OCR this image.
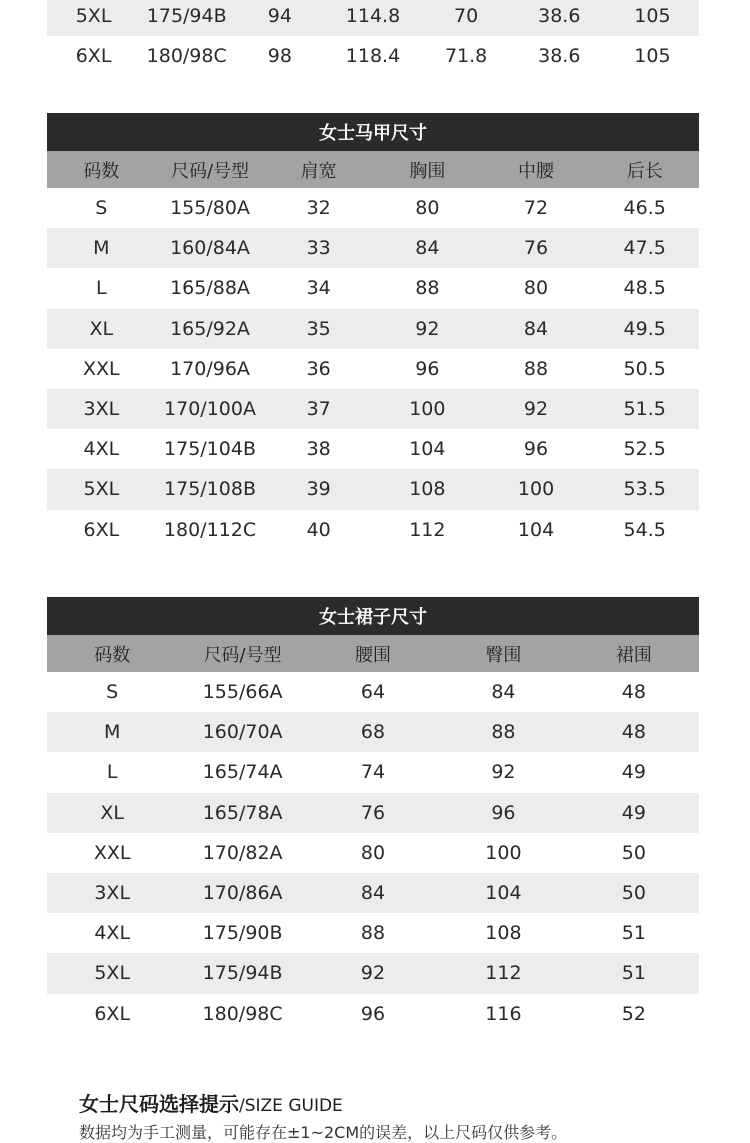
5XL	175/94B	94	114.8	70	38.6	105
6XL	180/98C	98	118.4	71.8	38.6	105
女士马甲尺寸
码数	尺码/号型	肩宽	胸围	中腰	后长
S	155/80A	32	80	72	46.5
M	160/84A	33	84	76	47.5
L	165/88A	34	88	80	48.5
XL	165/92A	35	92	84	49.5
XXL	170/96A	36	96	88	50.5
3XL	170/100A	37	100	92	51.5
4XL	175/104B	38	104	96	52.5
5XL	175/108B	39	108	100	53.5
6XL	180/112C	40	112	104	54.5
女士裙子尺寸
码数	尺码/号型	腰围	臀围	裙围
S	155/66A	64	84	48
M	160/70A	68	88	48
L	165/74A	74	92	49
XL	165/78A	76	96	49
XXL	170/82A	80	100	50
3XL	170/86A	84	104	50
4XL	175/90B	88	108	51
5XL	175/94B	92	112	51
6XL	180/98C	96	116	52
女士尺码选择提示/SIZE GUIDE
数据均为手工测量，可能存在±1~2CM的误差，以上尺码仅供参考。
